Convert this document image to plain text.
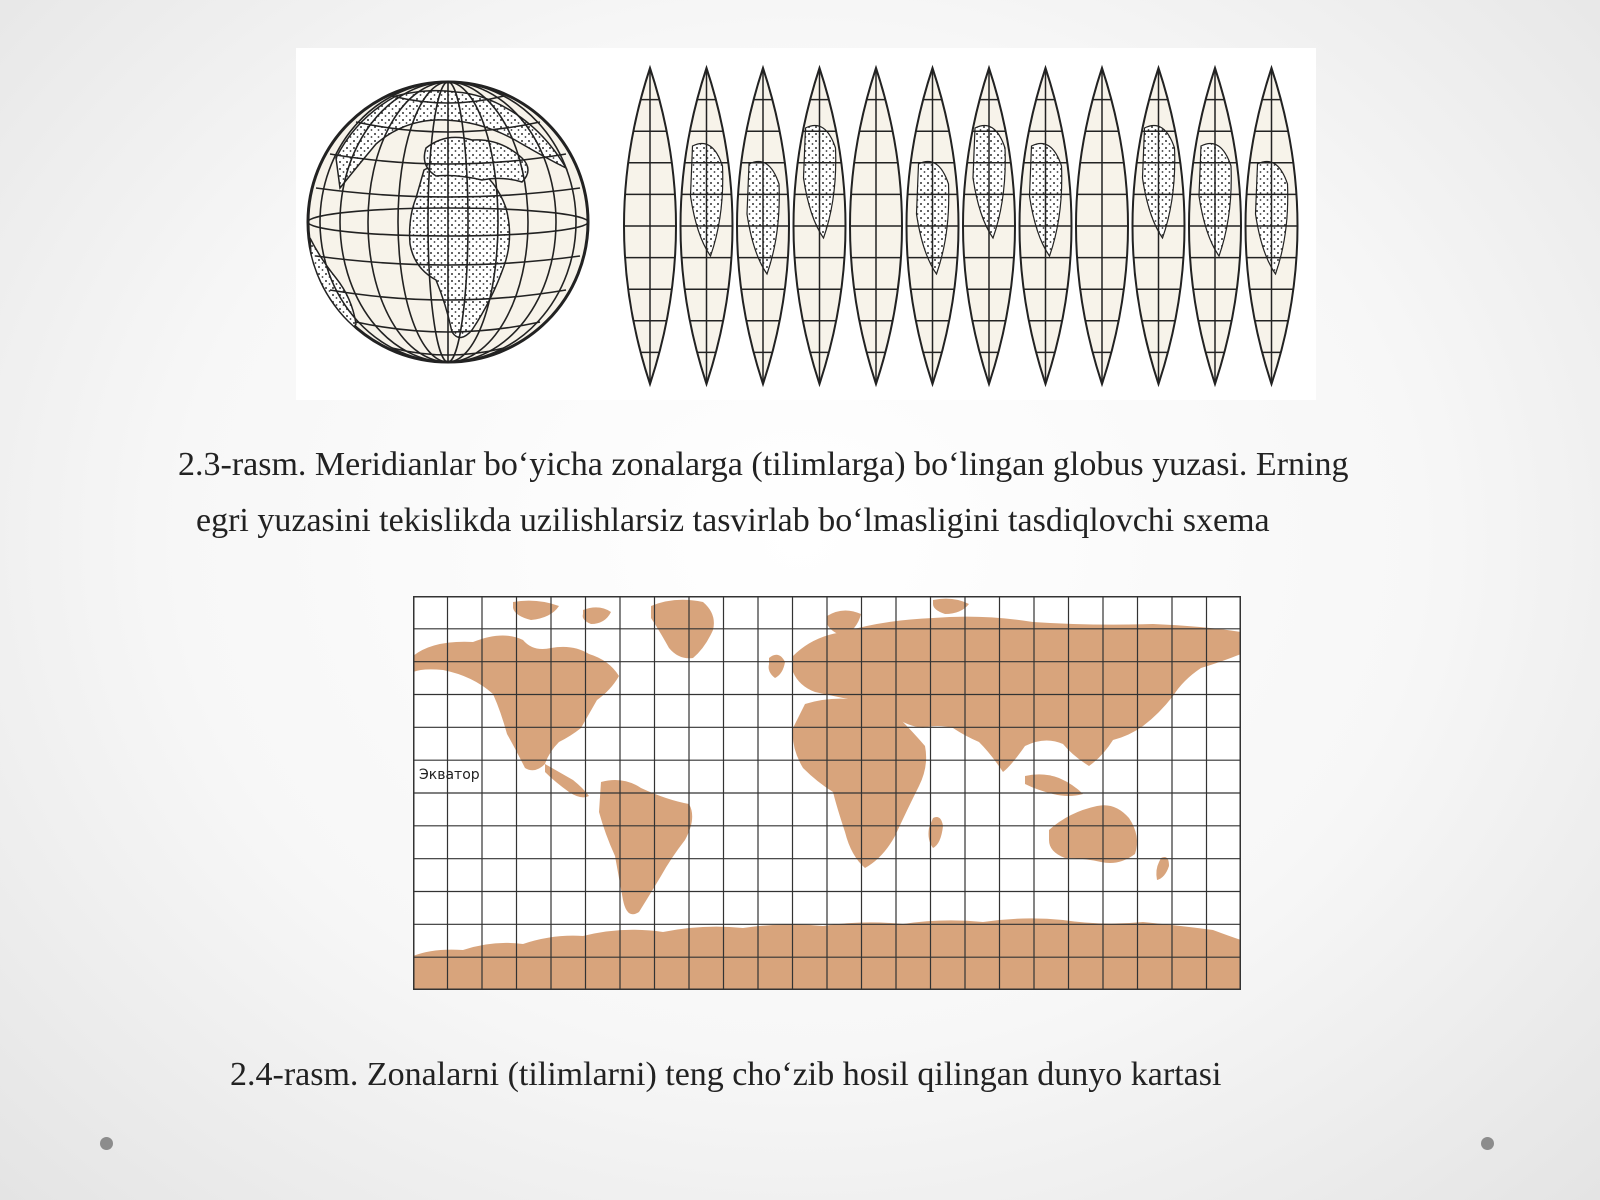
2.3-rasm. Meridianlar bo‘yicha zonalarga (tilimlarga) bo‘lingan globus yuzasi. Erning
egri yuzasini tekislikda uzilishlarsiz tasvirlab bo‘lmasligini tasdiqlovchi sxema

Экватор

2.4-rasm. Zonalarni (tilimlarni) teng cho‘zib hosil qilingan dunyo kartasi
